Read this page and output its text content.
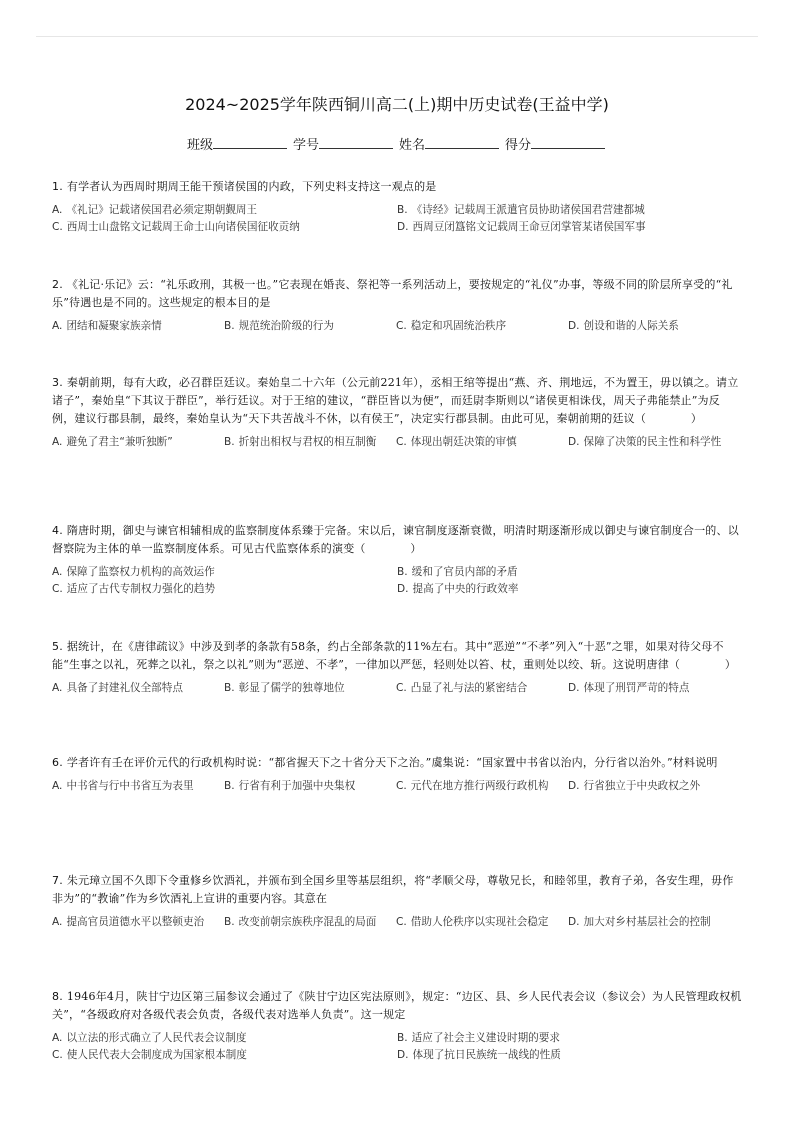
2024~2025学年陕西铜川高二(上)期中历史试卷(王益中学)
班级	学号	姓名	得分
1. 有学者认为西周时期周王能干预诸侯国的内政，下列史料支持这一观点的是
A. 《礼记》记载诸侯国君必须定期朝觐周王	B. 《诗经》记载周王派遣官员协助诸侯国君营建都城
C. 西周士山盘铭文记载周王命士山向诸侯国征收贡纳	D. 西周豆闭簋铭文记载周王命豆闭掌管某诸侯国军事
2. 《礼记·乐记》云：“礼乐政刑，其极一也。”它表现在婚丧、祭祀等一系列活动上，要按规定的“礼仪”办事，等级不同的阶层所享受的“礼乐”待遇也是不同的。这些规定的根本目的是
A. 团结和凝聚家族亲情	B. 规范统治阶级的行为	C. 稳定和巩固统治秩序	D. 创设和谐的人际关系
3. 秦朝前期，每有大政，必召群臣廷议。秦始皇二十六年（公元前221年），丞相王绾等提出“燕、齐、荆地远，不为置王，毋以镇之。请立诸子”，秦始皇“下其议于群臣”，举行廷议。对于王绾的建议，“群臣皆以为便”，而廷尉李斯则以“诸侯更相诛伐，周天子弗能禁止”为反例，建议行郡县制，最终，秦始皇认为“天下共苦战斗不休，以有侯王”，决定实行郡县制。由此可见，秦朝前期的廷议（　　　　）
A. 避免了君主“兼听独断”	B. 折射出相权与君权的相互制衡	C. 体现出朝廷决策的审慎	D. 保障了决策的民主性和科学性
4. 隋唐时期，御史与谏官相辅相成的监察制度体系臻于完备。宋以后，谏官制度逐渐衰微，明清时期逐渐形成以御史与谏官制度合一的、以督察院为主体的单一监察制度体系。可见古代监察体系的演变（　　　　）
A. 保障了监察权力机构的高效运作	B. 缓和了官员内部的矛盾
C. 适应了古代专制权力强化的趋势	D. 提高了中央的行政效率
5. 据统计，在《唐律疏议》中涉及到孝的条款有58条，约占全部条款的11%左右。其中“恶逆”“不孝”列入“十恶”之罪，如果对待父母不能“生事之以礼，死葬之以礼，祭之以礼”则为“恶逆、不孝”，一律加以严惩，轻则处以笞、杖，重则处以绞、斩。这说明唐律（　　　　）
A. 具备了封建礼仪全部特点	B. 彰显了儒学的独尊地位	C. 凸显了礼与法的紧密结合	D. 体现了刑罚严苛的特点
6. 学者许有壬在评价元代的行政机构时说：“都省握天下之十省分天下之治。”虞集说：“国家置中书省以治内，分行省以治外。”材料说明
A. 中书省与行中书省互为表里	B. 行省有利于加强中央集权	C. 元代在地方推行两级行政机构	D. 行省独立于中央政权之外
7. 朱元璋立国不久即下令重修乡饮酒礼，并颁布到全国乡里等基层组织，将“孝顺父母，尊敬兄长，和睦邻里，教育子弟，各安生理，毋作非为”的“教谕”作为乡饮酒礼上宣讲的重要内容。其意在
A. 提高官员道德水平以整顿吏治	B. 改变前朝宗族秩序混乱的局面	C. 借助人伦秩序以实现社会稳定	D. 加大对乡村基层社会的控制
8. 1946年4月，陕甘宁边区第三届参议会通过了《陕甘宁边区宪法原则》，规定：“边区、县、乡人民代表会议（参议会）为人民管理政权机关”，“各级政府对各级代表会负责，各级代表对选举人负责”。这一规定
A. 以立法的形式确立了人民代表会议制度	B. 适应了社会主义建设时期的要求
C. 使人民代表大会制度成为国家根本制度	D. 体现了抗日民族统一战线的性质
